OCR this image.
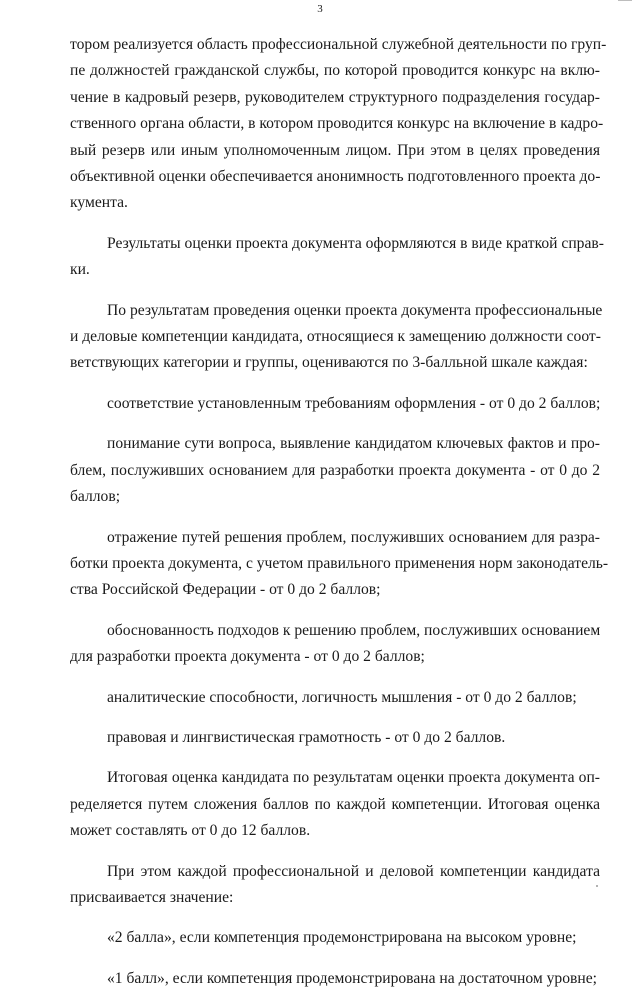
3

тором реализуется область профессиональной служебной деятельности по груп-
пе должностей гражданской службы, по которой проводится конкурс на вклю-
чение в кадровый резерв, руководителем структурного подразделения государ-
ственного органа области, в котором проводится конкурс на включение в кадро-
вый резерв или иным уполномоченным лицом. При этом в целях проведения
объективной оценки обеспечивается анонимность подготовленного проекта до-
кумента.

Результаты оценки проекта документа оформляются в виде краткой справ-
ки.

По результатам проведения оценки проекта документа профессиональные
и деловые компетенции кандидата, относящиеся к замещению должности соот-
ветствующих категории и группы, оцениваются по 3-балльной шкале каждая:

соответствие установленным требованиям оформления - от 0 до 2 баллов;

понимание сути вопроса, выявление кандидатом ключевых фактов и про-
блем, послуживших основанием для разработки проекта документа - от 0 до 2
баллов;

отражение путей решения проблем, послуживших основанием для разра-
ботки проекта документа, с учетом правильного применения норм законодатель-
ства Российской Федерации - от 0 до 2 баллов;

обоснованность подходов к решению проблем, послуживших основанием
для разработки проекта документа - от 0 до 2 баллов;

аналитические способности, логичность мышления - от 0 до 2 баллов;

правовая и лингвистическая грамотность - от 0 до 2 баллов.

Итоговая оценка кандидата по результатам оценки проекта документа оп-
ределяется путем сложения баллов по каждой компетенции. Итоговая оценка
может составлять от 0 до 12 баллов.

При этом каждой профессиональной и деловой компетенции кандидата
присваивается значение:

«2 балла», если компетенция продемонстрирована на высоком уровне;

«1 балл», если компетенция продемонстрирована на достаточном уровне;
